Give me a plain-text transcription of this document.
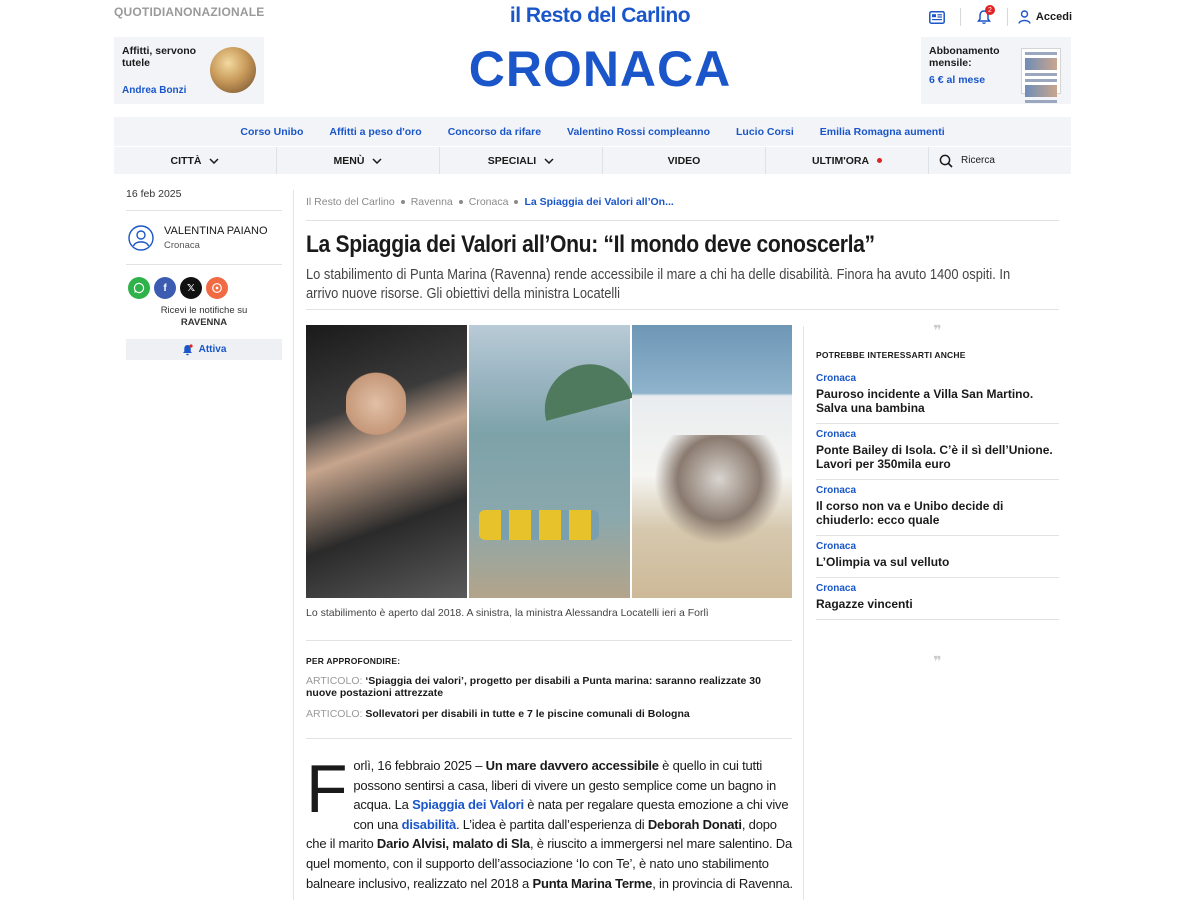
QUOTIDIANONAZIONALE	il Resto del Carlino	2
Accedi
Affitti, servono tutele
Andrea Bonzi	CRONACA	Abbonamento mensile:
6 € al mese
Corso Unibo Affitti a peso d'oro Concorso da rifare Valentino Rossi compleanno Lucio Corsi Emilia Romagna aumenti
CITTÀ	MENÙ	SPECIALI	VIDEO	ULTIM'ORA	Ricerca
16 feb 2025
VALENTINA PAIANO
Cronaca
f	𝕏
Ricevi le notifiche su
RAVENNA
Attiva
Il Resto del Carlino Ravenna Cronaca La Spiaggia dei Valori all’On...
La Spiaggia dei Valori all’Onu: “Il mondo deve conoscerla”

Lo stabilimento di Punta Marina (Ravenna) rende accessibile il mare a chi ha delle disabilità. Finora ha avuto 1400 ospiti. In arrivo nuove risorse. Gli obiettivi della ministra Locatelli

Lo stabilimento è aperto dal 2018. A sinistra, la ministra Alessandra Locatelli ieri a Forlì
PER APPROFONDIRE:

ARTICOLO: ‘Spiaggia dei valori’, progetto per disabili a Punta marina: saranno realizzate 30 nuove postazioni attrezzate

ARTICOLO: Sollevatori per disabili in tutte e 7 le piscine comunali di Bologna

Forlì, 16 febbraio 2025 – Un mare davvero accessibile è quello in cui tutti possono sentirsi a casa, liberi di vivere un gesto semplice come un bagno in acqua. La Spiaggia dei Valori è nata per regalare questa emozione a chi vive con una disabilità. L’idea è partita dall’esperienza di Deborah Donati, dopo che il marito Dario Alvisi, malato di Sla, è riuscito a immergersi nel mare salentino. Da quel momento, con il supporto dell’associazione ‘Io con Te’, è nato uno stabilimento balneare inclusivo, realizzato nel 2018 a Punta Marina Terme, in provincia di Ravenna.
❞
POTREBBE INTERESSARTI ANCHE
Cronaca
Pauroso incidente a Villa San Martino. Salva una bambina
Cronaca
Ponte Bailey di Isola. C’è il sì dell’Unione. Lavori per 350mila euro
Cronaca
Il corso non va e Unibo decide di chiuderlo: ecco quale
Cronaca
L’Olimpia va sul velluto
Cronaca
Ragazze vincenti
❞
